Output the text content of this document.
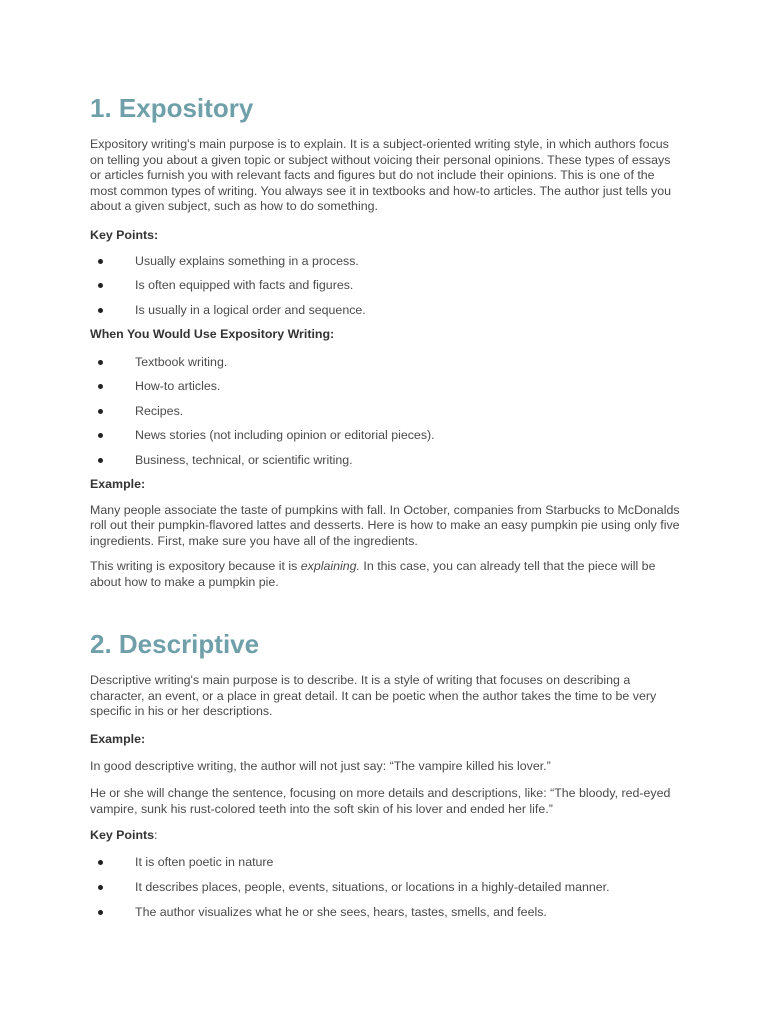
1. Expository

Expository writing's main purpose is to explain. It is a subject-oriented writing style, in which authors focus on telling you about a given topic or subject without voicing their personal opinions. These types of essays or articles furnish you with relevant facts and figures but do not include their opinions. This is one of the most common types of writing. You always see it in textbooks and how-to articles. The author just tells you about a given subject, such as how to do something.

Key Points:
Usually explains something in a process.
Is often equipped with facts and figures.
Is usually in a logical order and sequence.
When You Would Use Expository Writing:
Textbook writing.
How-to articles.
Recipes.
News stories (not including opinion or editorial pieces).
Business, technical, or scientific writing.
Example:

Many people associate the taste of pumpkins with fall. In October, companies from Starbucks to McDonalds roll out their pumpkin-flavored lattes and desserts. Here is how to make an easy pumpkin pie using only five ingredients. First, make sure you have all of the ingredients.

This writing is expository because it is explaining. In this case, you can already tell that the piece will be about how to make a pumpkin pie.

2. Descriptive

Descriptive writing's main purpose is to describe. It is a style of writing that focuses on describing a character, an event, or a place in great detail. It can be poetic when the author takes the time to be very specific in his or her descriptions.

Example:

In good descriptive writing, the author will not just say: “The vampire killed his lover.”

He or she will change the sentence, focusing on more details and descriptions, like: “The bloody, red-eyed vampire, sunk his rust-colored teeth into the soft skin of his lover and ended her life.”

Key Points:
It is often poetic in nature
It describes places, people, events, situations, or locations in a highly-detailed manner.
The author visualizes what he or she sees, hears, tastes, smells, and feels.
